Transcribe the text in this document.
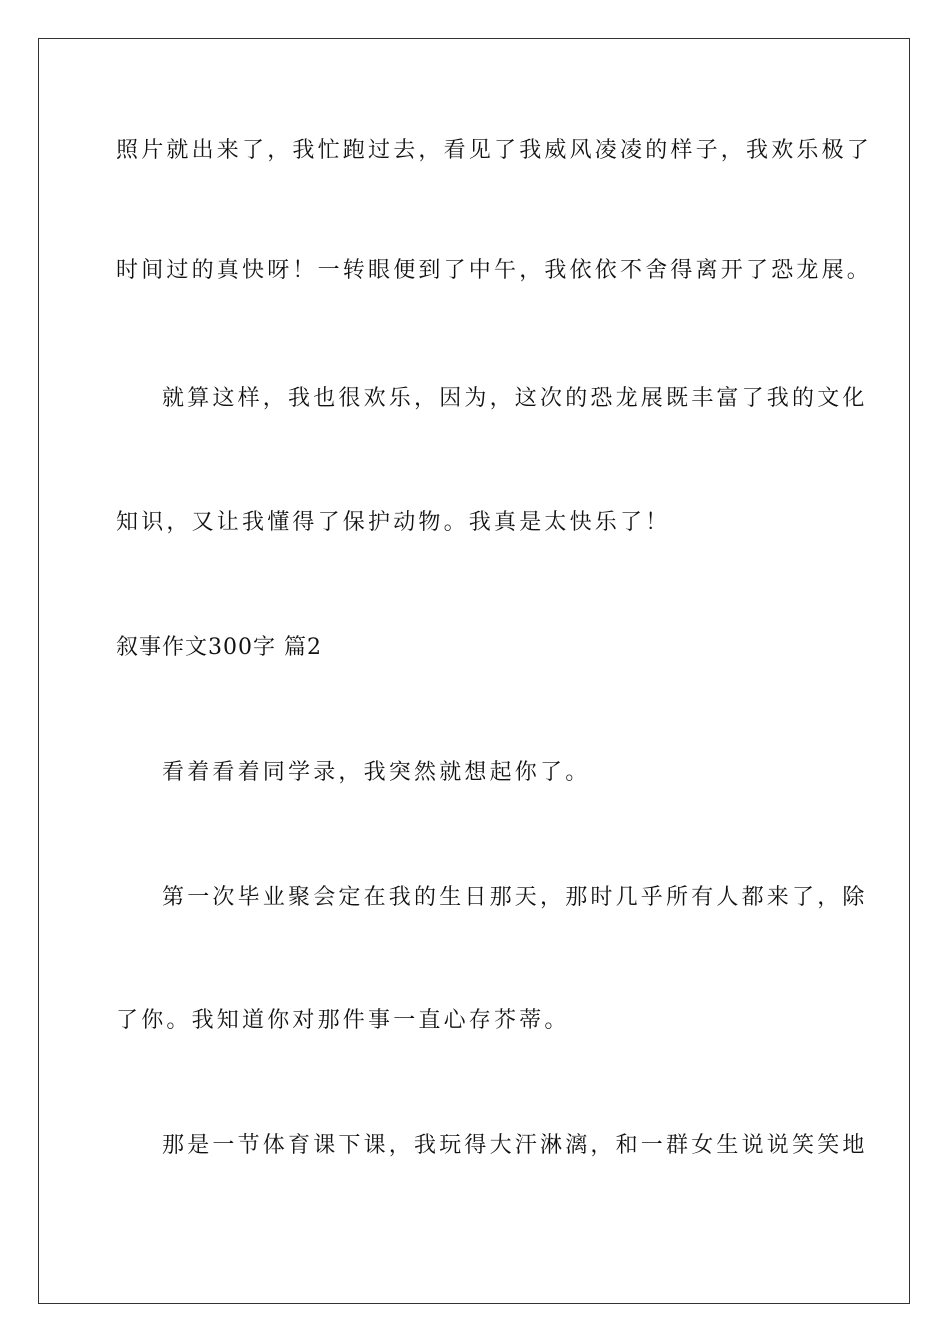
照片就出来了，我忙跑过去，看见了我威风凌凌的样子，我欢乐极了

时间过的真快呀！一转眼便到了中午，我依依不舍得离开了恐龙展。

就算这样，我也很欢乐，因为，这次的恐龙展既丰富了我的文化

知识，又让我懂得了保护动物。我真是太快乐了！

叙事作文300字 篇2

看着看着同学录，我突然就想起你了。

第一次毕业聚会定在我的生日那天，那时几乎所有人都来了，除

了你。我知道你对那件事一直心存芥蒂。

那是一节体育课下课，我玩得大汗淋漓，和一群女生说说笑笑地
